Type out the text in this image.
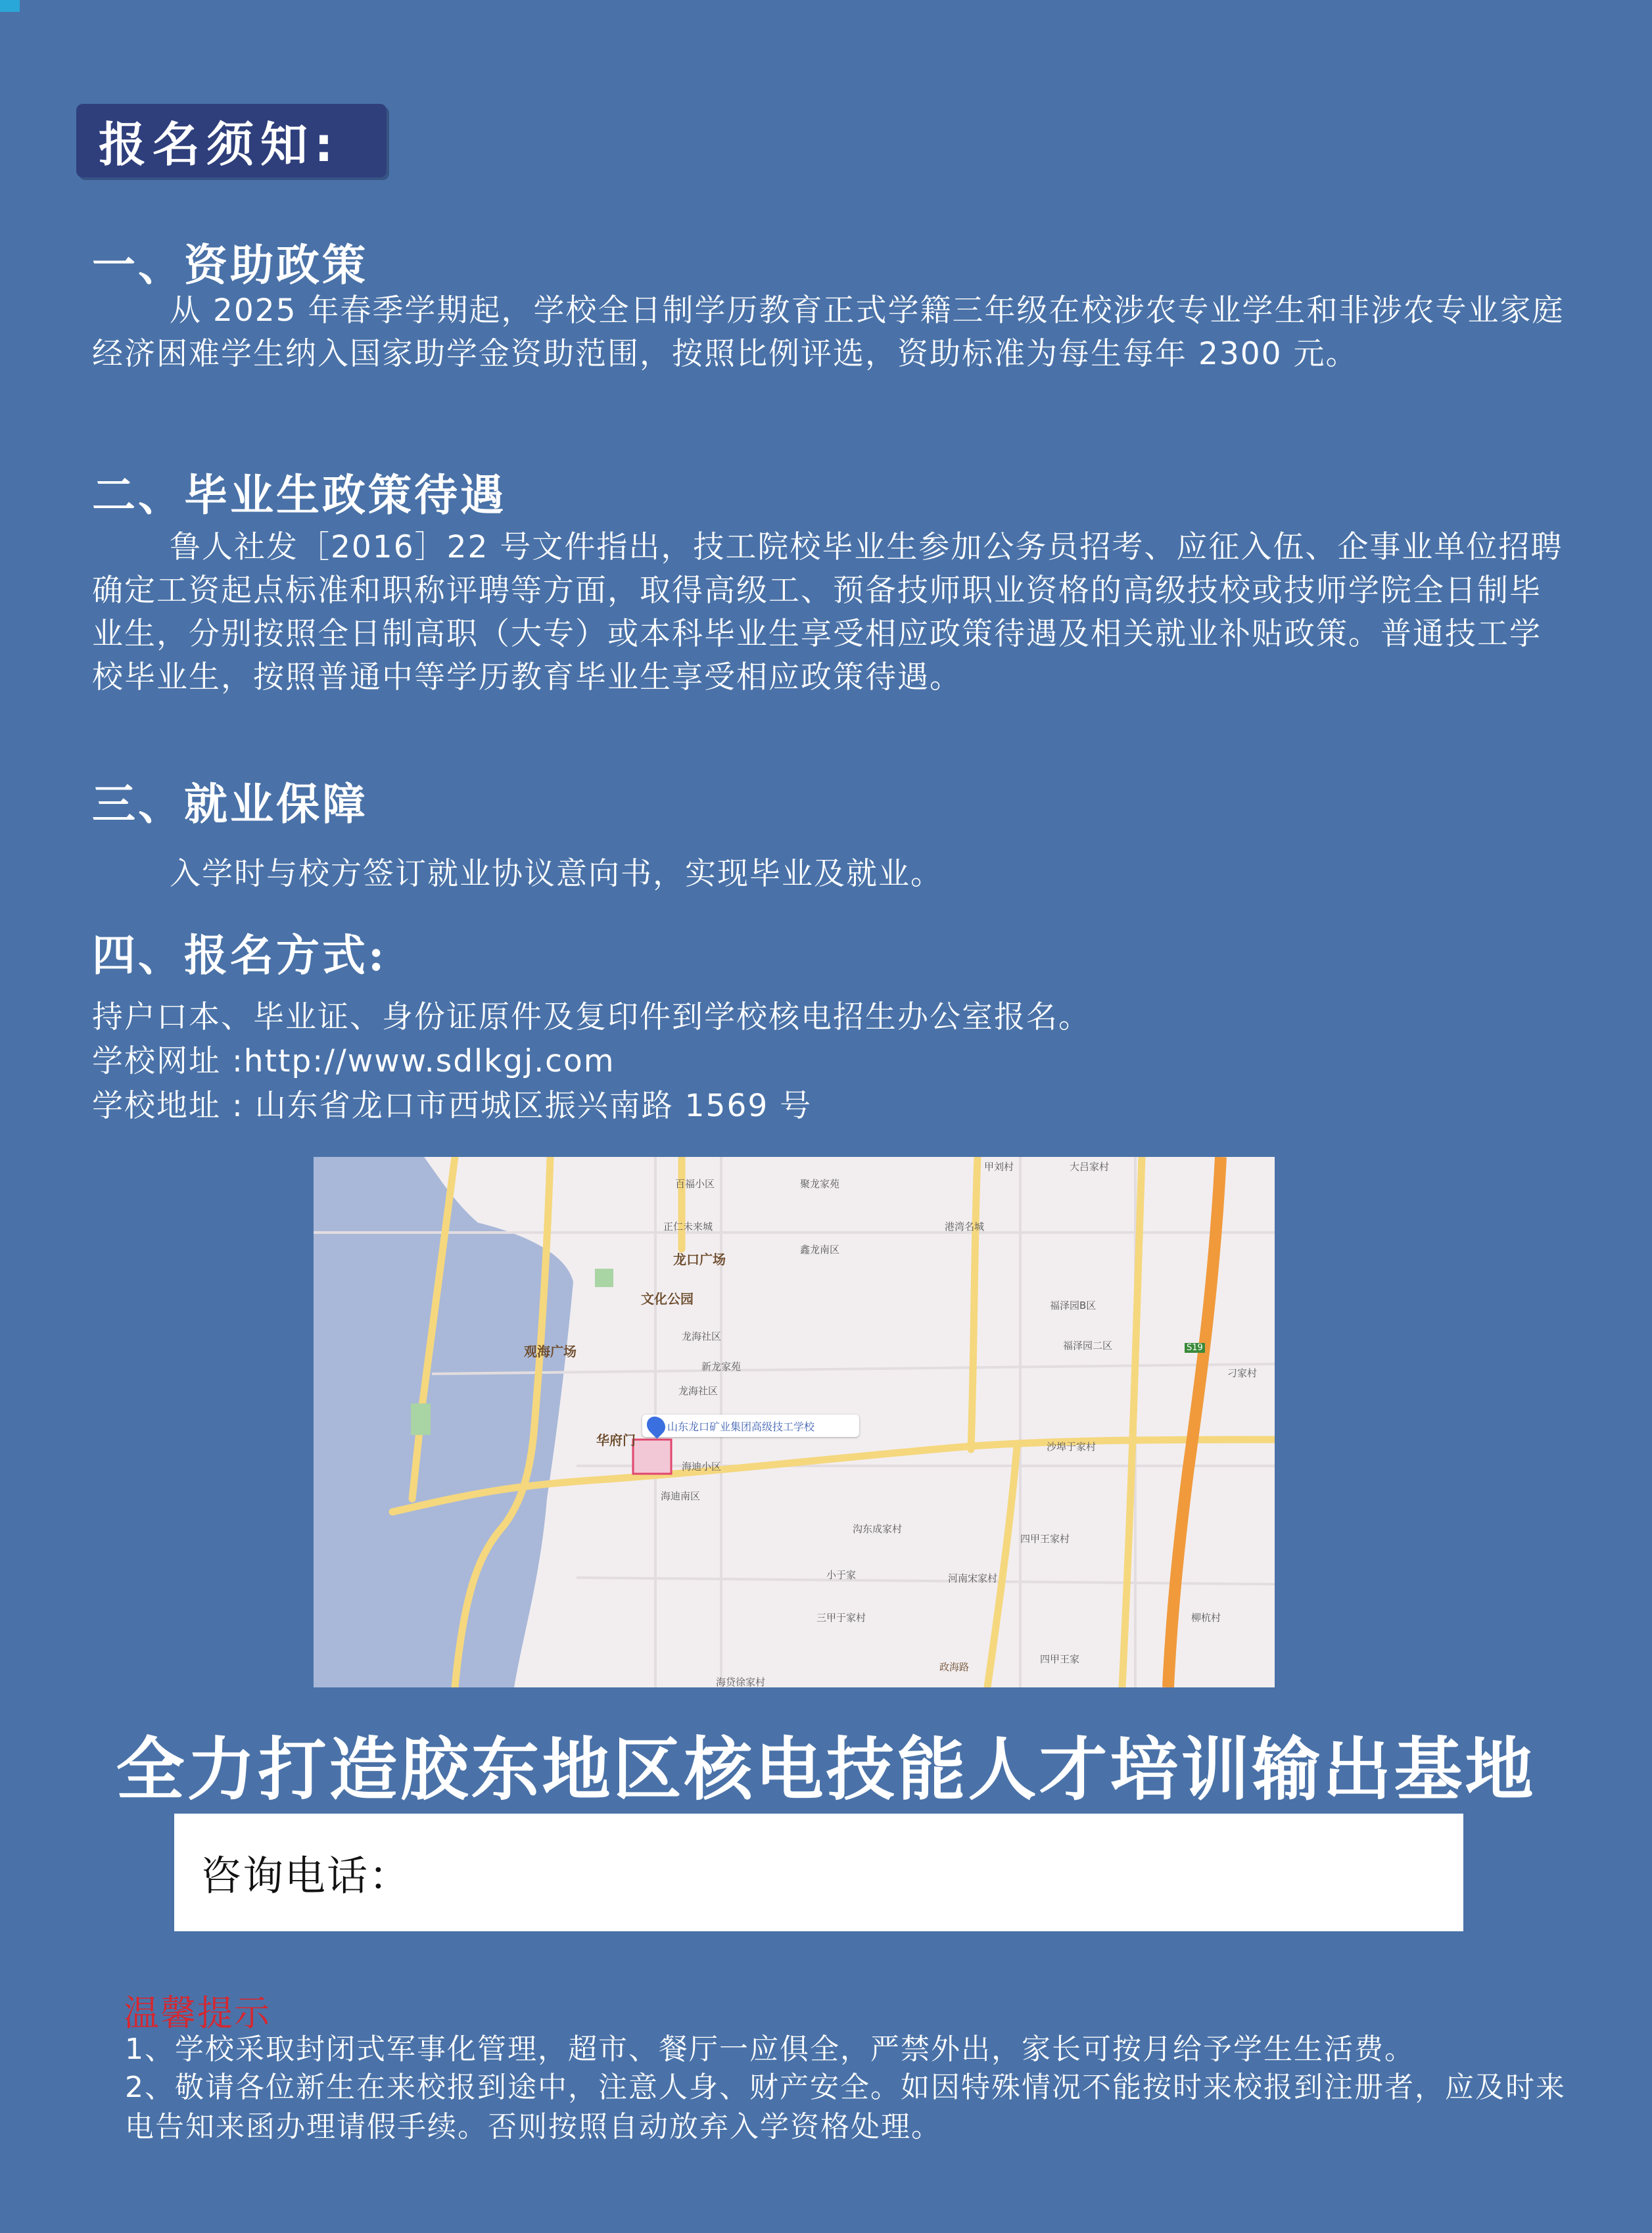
报名须知:
一、资助政策
从 2025 年春季学期起，学校全日制学历教育正式学籍三年级在校涉农专业学生和非涉农专业家庭经济困难学生纳入国家助学金资助范围，按照比例评选，资助标准为每生每年 2300 元。
二、毕业生政策待遇
鲁人社发［2016］22 号文件指出，技工院校毕业生参加公务员招考、应征入伍、企事业单位招聘确定工资起点标准和职称评聘等方面，取得高级工、预备技师职业资格的高级技校或技师学院全日制毕业生，分别按照全日制高职（大专）或本科毕业生享受相应政策待遇及相关就业补贴政策。普通技工学校毕业生，按照普通中等学历教育毕业生享受相应政策待遇。
三、就业保障
入学时与校方签订就业协议意向书，实现毕业及就业。
四、报名方式:
持户口本、毕业证、身份证原件及复印件到学校核电招生办公室报名。
学校网址 :http://www.sdlkgj.com
学校地址 : 山东省龙口市西城区振兴南路 1569 号
百福小区	聚龙家苑
甲刘村	大吕家村
正仁未来城	港湾名城
龙口广场
鑫龙南区
文化公园	福泽园B区
福泽园二区
龙海社区
观海广场
新龙家苑
龙海社区
刁家村
S19
华府门	沙埠于家村
海迪小区
海迪南区
沟东成家村
四甲王家村
小于家	河南宋家村
柳杭村
三甲于家村
四甲王家
政海路
海贷徐家村
山东龙口矿业集团高级技工学校
全力打造胶东地区核电技能人才培训输出基地
咨询电话：
温馨提示
1、学校采取封闭式军事化管理，超市、餐厅一应俱全，严禁外出，家长可按月给予学生生活费。
2、敬请各位新生在来校报到途中，注意人身、财产安全。如因特殊情况不能按时来校报到注册者，应及时来电告知来函办理请假手续。否则按照自动放弃入学资格处理。
